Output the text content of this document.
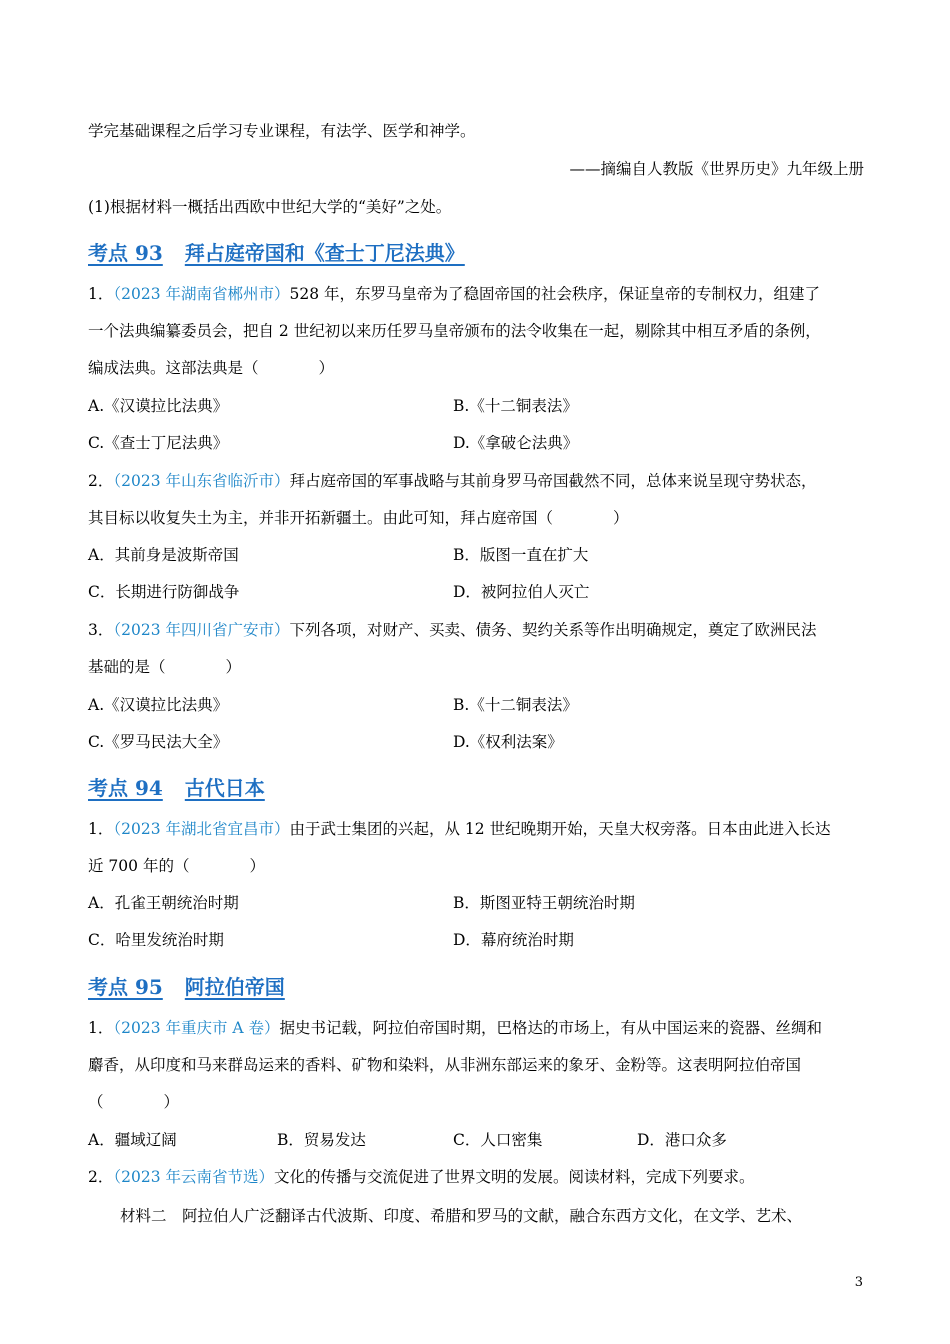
学完基础课程之后学习专业课程，有法学、医学和神学。
——摘编自人教版《世界历史》九年级上册
(1)根据材料一概括出西欧中世纪大学的“美好”之处。
考点 93 拜占庭帝国和《查士丁尼法典》
1．（2023 年湖南省郴州市）528 年，东罗马皇帝为了稳固帝国的社会秩序，保证皇帝的专制权力，组建了
一个法典编纂委员会，把自 2 世纪初以来历任罗马皇帝颁布的法令收集在一起，剔除其中相互矛盾的条例，
编成法典。这部法典是（	）
A.《汉谟拉比法典》	B.《十二铜表法》
C.《查士丁尼法典》	D.《拿破仑法典》
2．（2023 年山东省临沂市）拜占庭帝国的军事战略与其前身罗马帝国截然不同，总体来说呈现守势状态，
其目标以收复失土为主，并非开拓新疆土。由此可知，拜占庭帝国（	）
A．其前身是波斯帝国	B．版图一直在扩大
C．长期进行防御战争	D．被阿拉伯人灭亡
3．（2023 年四川省广安市）下列各项，对财产、买卖、债务、契约关系等作出明确规定，奠定了欧洲民法
基础的是（	）
A.《汉谟拉比法典》	B.《十二铜表法》
C.《罗马民法大全》	D.《权利法案》
考点 94 古代日本
1．（2023 年湖北省宜昌市）由于武士集团的兴起，从 12 世纪晚期开始，天皇大权旁落。日本由此进入长达
近 700 年的（	）
A．孔雀王朝统治时期	B．斯图亚特王朝统治时期
C．哈里发统治时期	D．幕府统治时期
考点 95 阿拉伯帝国
1．（2023 年重庆市 A 卷）据史书记载，阿拉伯帝国时期，巴格达的市场上，有从中国运来的瓷器、丝绸和
麝香，从印度和马来群岛运来的香料、矿物和染料，从非洲东部运来的象牙、金粉等。这表明阿拉伯帝国
（	）
A．疆域辽阔	B．贸易发达	C．人口密集	D．港口众多
2．（2023 年云南省节选）文化的传播与交流促进了世界文明的发展。阅读材料，完成下列要求。
材料二　阿拉伯人广泛翻译古代波斯、印度、希腊和罗马的文献，融合东西方文化，在文学、艺术、
3
